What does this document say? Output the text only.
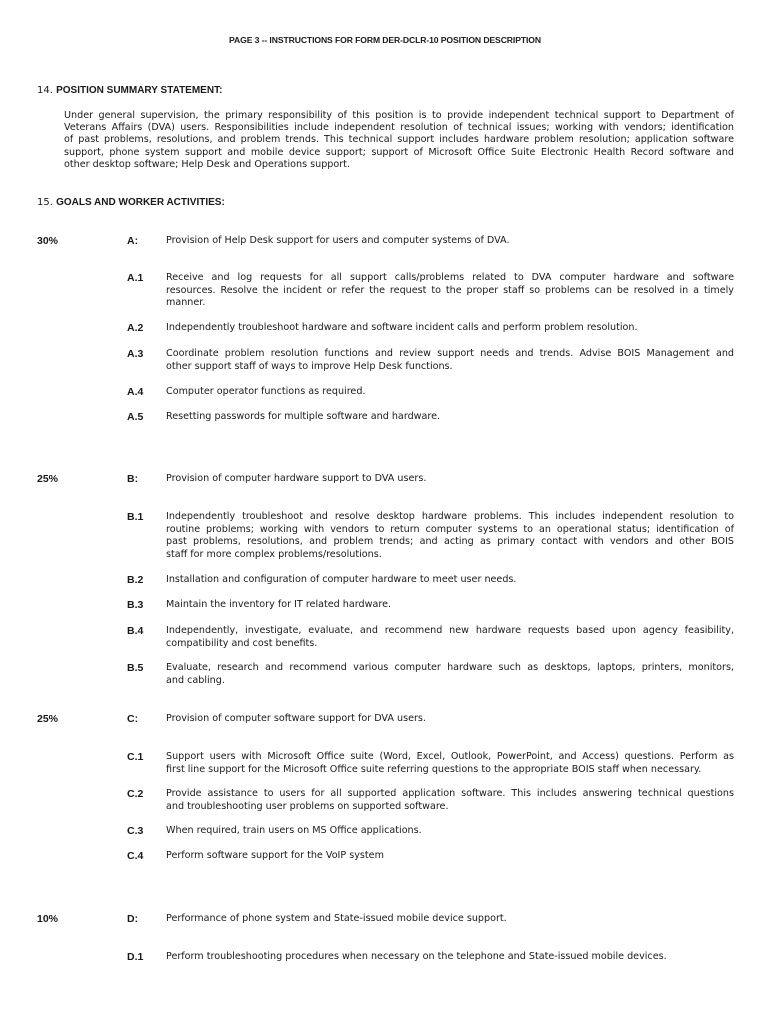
PAGE 3 -- INSTRUCTIONS FOR FORM DER-DCLR-10 POSITION DESCRIPTION
14. POSITION SUMMARY STATEMENT:
Under general supervision, the primary responsibility of this position is to provide independent technical support to Department of
Veterans Affairs (DVA) users. Responsibilities include independent resolution of technical issues; working with vendors; identification
of past problems, resolutions, and problem trends. This technical support includes hardware problem resolution; application software
support, phone system support and mobile device support; support of Microsoft Office Suite Electronic Health Record software and
other desktop software; Help Desk and Operations support.
15. GOALS AND WORKER ACTIVITIES:
30%	A:	Provision of Help Desk support for users and computer systems of DVA.
A.1 Receive and log requests for all support calls/problems related to DVA computer hardware and software
resources. Resolve the incident or refer the request to the proper staff so problems can be resolved in a timely
manner.
A.2 Independently troubleshoot hardware and software incident calls and perform problem resolution.
A.3 Coordinate problem resolution functions and review support needs and trends. Advise BOIS Management and
other support staff of ways to improve Help Desk functions.
A.4 Computer operator functions as required.
A.5 Resetting passwords for multiple software and hardware.
25%	B:	Provision of computer hardware support to DVA users.
B.1 Independently troubleshoot and resolve desktop hardware problems. This includes independent resolution to
routine problems; working with vendors to return computer systems to an operational status; identification of
past problems, resolutions, and problem trends; and acting as primary contact with vendors and other BOIS
staff for more complex problems/resolutions.
B.2 Installation and configuration of computer hardware to meet user needs.
B.3 Maintain the inventory for IT related hardware.
B.4 Independently, investigate, evaluate, and recommend new hardware requests based upon agency feasibility,
compatibility and cost benefits.
B.5 Evaluate, research and recommend various computer hardware such as desktops, laptops, printers, monitors,
and cabling.
25%	C:	Provision of computer software support for DVA users.
C.1 Support users with Microsoft Office suite (Word, Excel, Outlook, PowerPoint, and Access) questions. Perform as
first line support for the Microsoft Office suite referring questions to the appropriate BOIS staff when necessary.
C.2 Provide assistance to users for all supported application software. This includes answering technical questions
and troubleshooting user problems on supported software.
C.3 When required, train users on MS Office applications.
C.4 Perform software support for the VoIP system
10%	D:	Performance of phone system and State-issued mobile device support.
D.1 Perform troubleshooting procedures when necessary on the telephone and State-issued mobile devices.
